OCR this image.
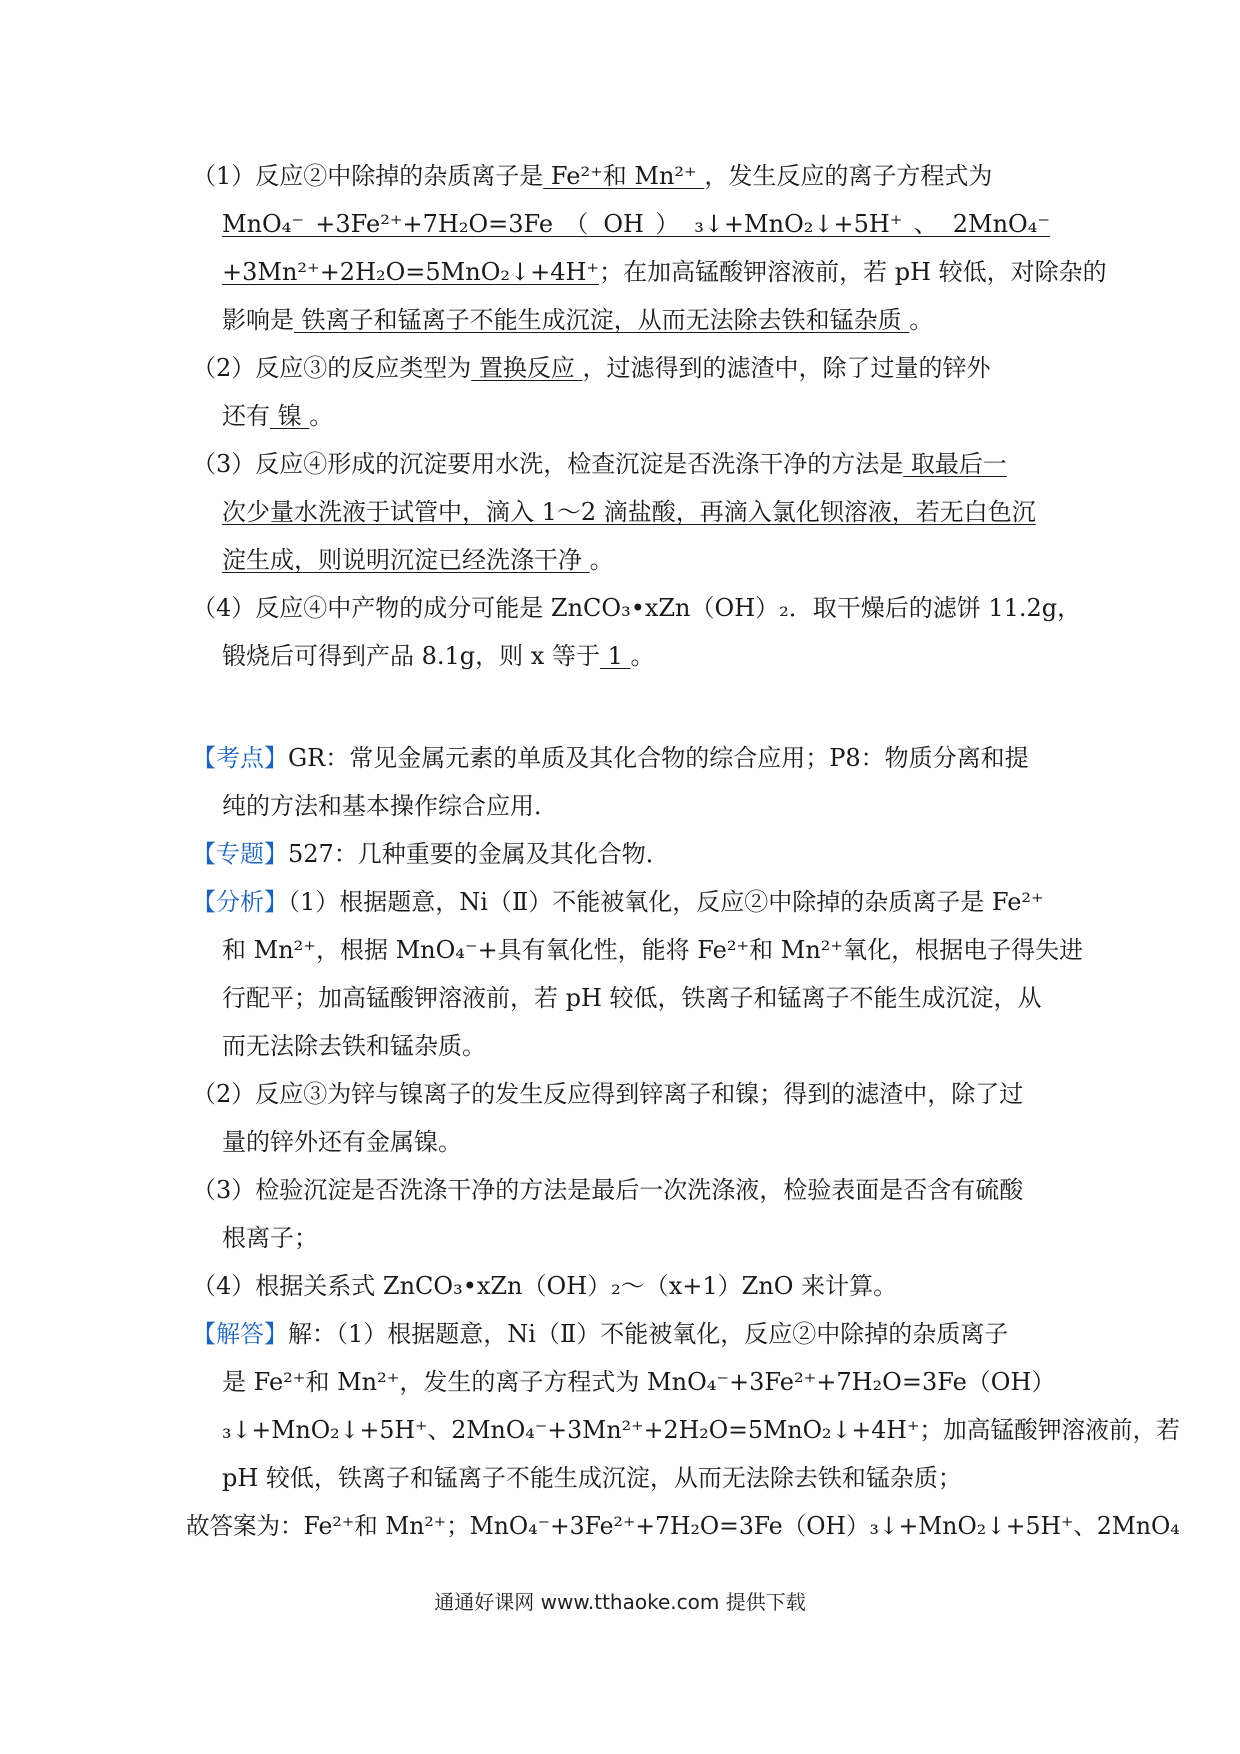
（1）反应②中除掉的杂质离子是 Fe²⁺和 Mn²⁺ ，发生反应的离子方程式为
MnO₄⁻ +3Fe²⁺+7H₂O=3Fe （ OH ） ₃↓+MnO₂↓+5H⁺ 、 2MnO₄⁻
+3Mn²⁺+2H₂O=5MnO₂↓+4H⁺；在加高锰酸钾溶液前，若 pH 较低，对除杂的
影响是 铁离子和锰离子不能生成沉淀，从而无法除去铁和锰杂质 。
（2）反应③的反应类型为 置换反应 ，过滤得到的滤渣中，除了过量的锌外
还有 镍 。
（3）反应④形成的沉淀要用水洗，检查沉淀是否洗涤干净的方法是 取最后一
次少量水洗液于试管中，滴入 1～2 滴盐酸，再滴入氯化钡溶液，若无白色沉
淀生成，则说明沉淀已经洗涤干净 。
（4）反应④中产物的成分可能是 ZnCO₃•xZn（OH）₂．取干燥后的滤饼 11.2g，
锻烧后可得到产品 8.1g，则 x 等于 1 。
【考点】GR：常见金属元素的单质及其化合物的综合应用；P8：物质分离和提
纯的方法和基本操作综合应用．
【专题】527：几种重要的金属及其化合物．
【分析】（1）根据题意，Ni（Ⅱ）不能被氧化，反应②中除掉的杂质离子是 Fe²⁺
和 Mn²⁺，根据 MnO₄⁻+具有氧化性，能将 Fe²⁺和 Mn²⁺氧化，根据电子得失进
行配平；加高锰酸钾溶液前，若 pH 较低，铁离子和锰离子不能生成沉淀，从
而无法除去铁和锰杂质。
（2）反应③为锌与镍离子的发生反应得到锌离子和镍；得到的滤渣中，除了过
量的锌外还有金属镍。
（3）检验沉淀是否洗涤干净的方法是最后一次洗涤液，检验表面是否含有硫酸
根离子；
（4）根据关系式 ZnCO₃•xZn（OH）₂～（x+1）ZnO 来计算。
【解答】解：（1）根据题意，Ni（Ⅱ）不能被氧化，反应②中除掉的杂质离子
是 Fe²⁺和 Mn²⁺，发生的离子方程式为 MnO₄⁻+3Fe²⁺+7H₂O=3Fe（OH）
₃↓+MnO₂↓+5H⁺、2MnO₄⁻+3Mn²⁺+2H₂O=5MnO₂↓+4H⁺；加高锰酸钾溶液前，若
pH 较低，铁离子和锰离子不能生成沉淀，从而无法除去铁和锰杂质；
故答案为：Fe²⁺和 Mn²⁺；MnO₄⁻+3Fe²⁺+7H₂O=3Fe（OH）₃↓+MnO₂↓+5H⁺、2MnO₄
通通好课网 www.tthaoke.com 提供下载
